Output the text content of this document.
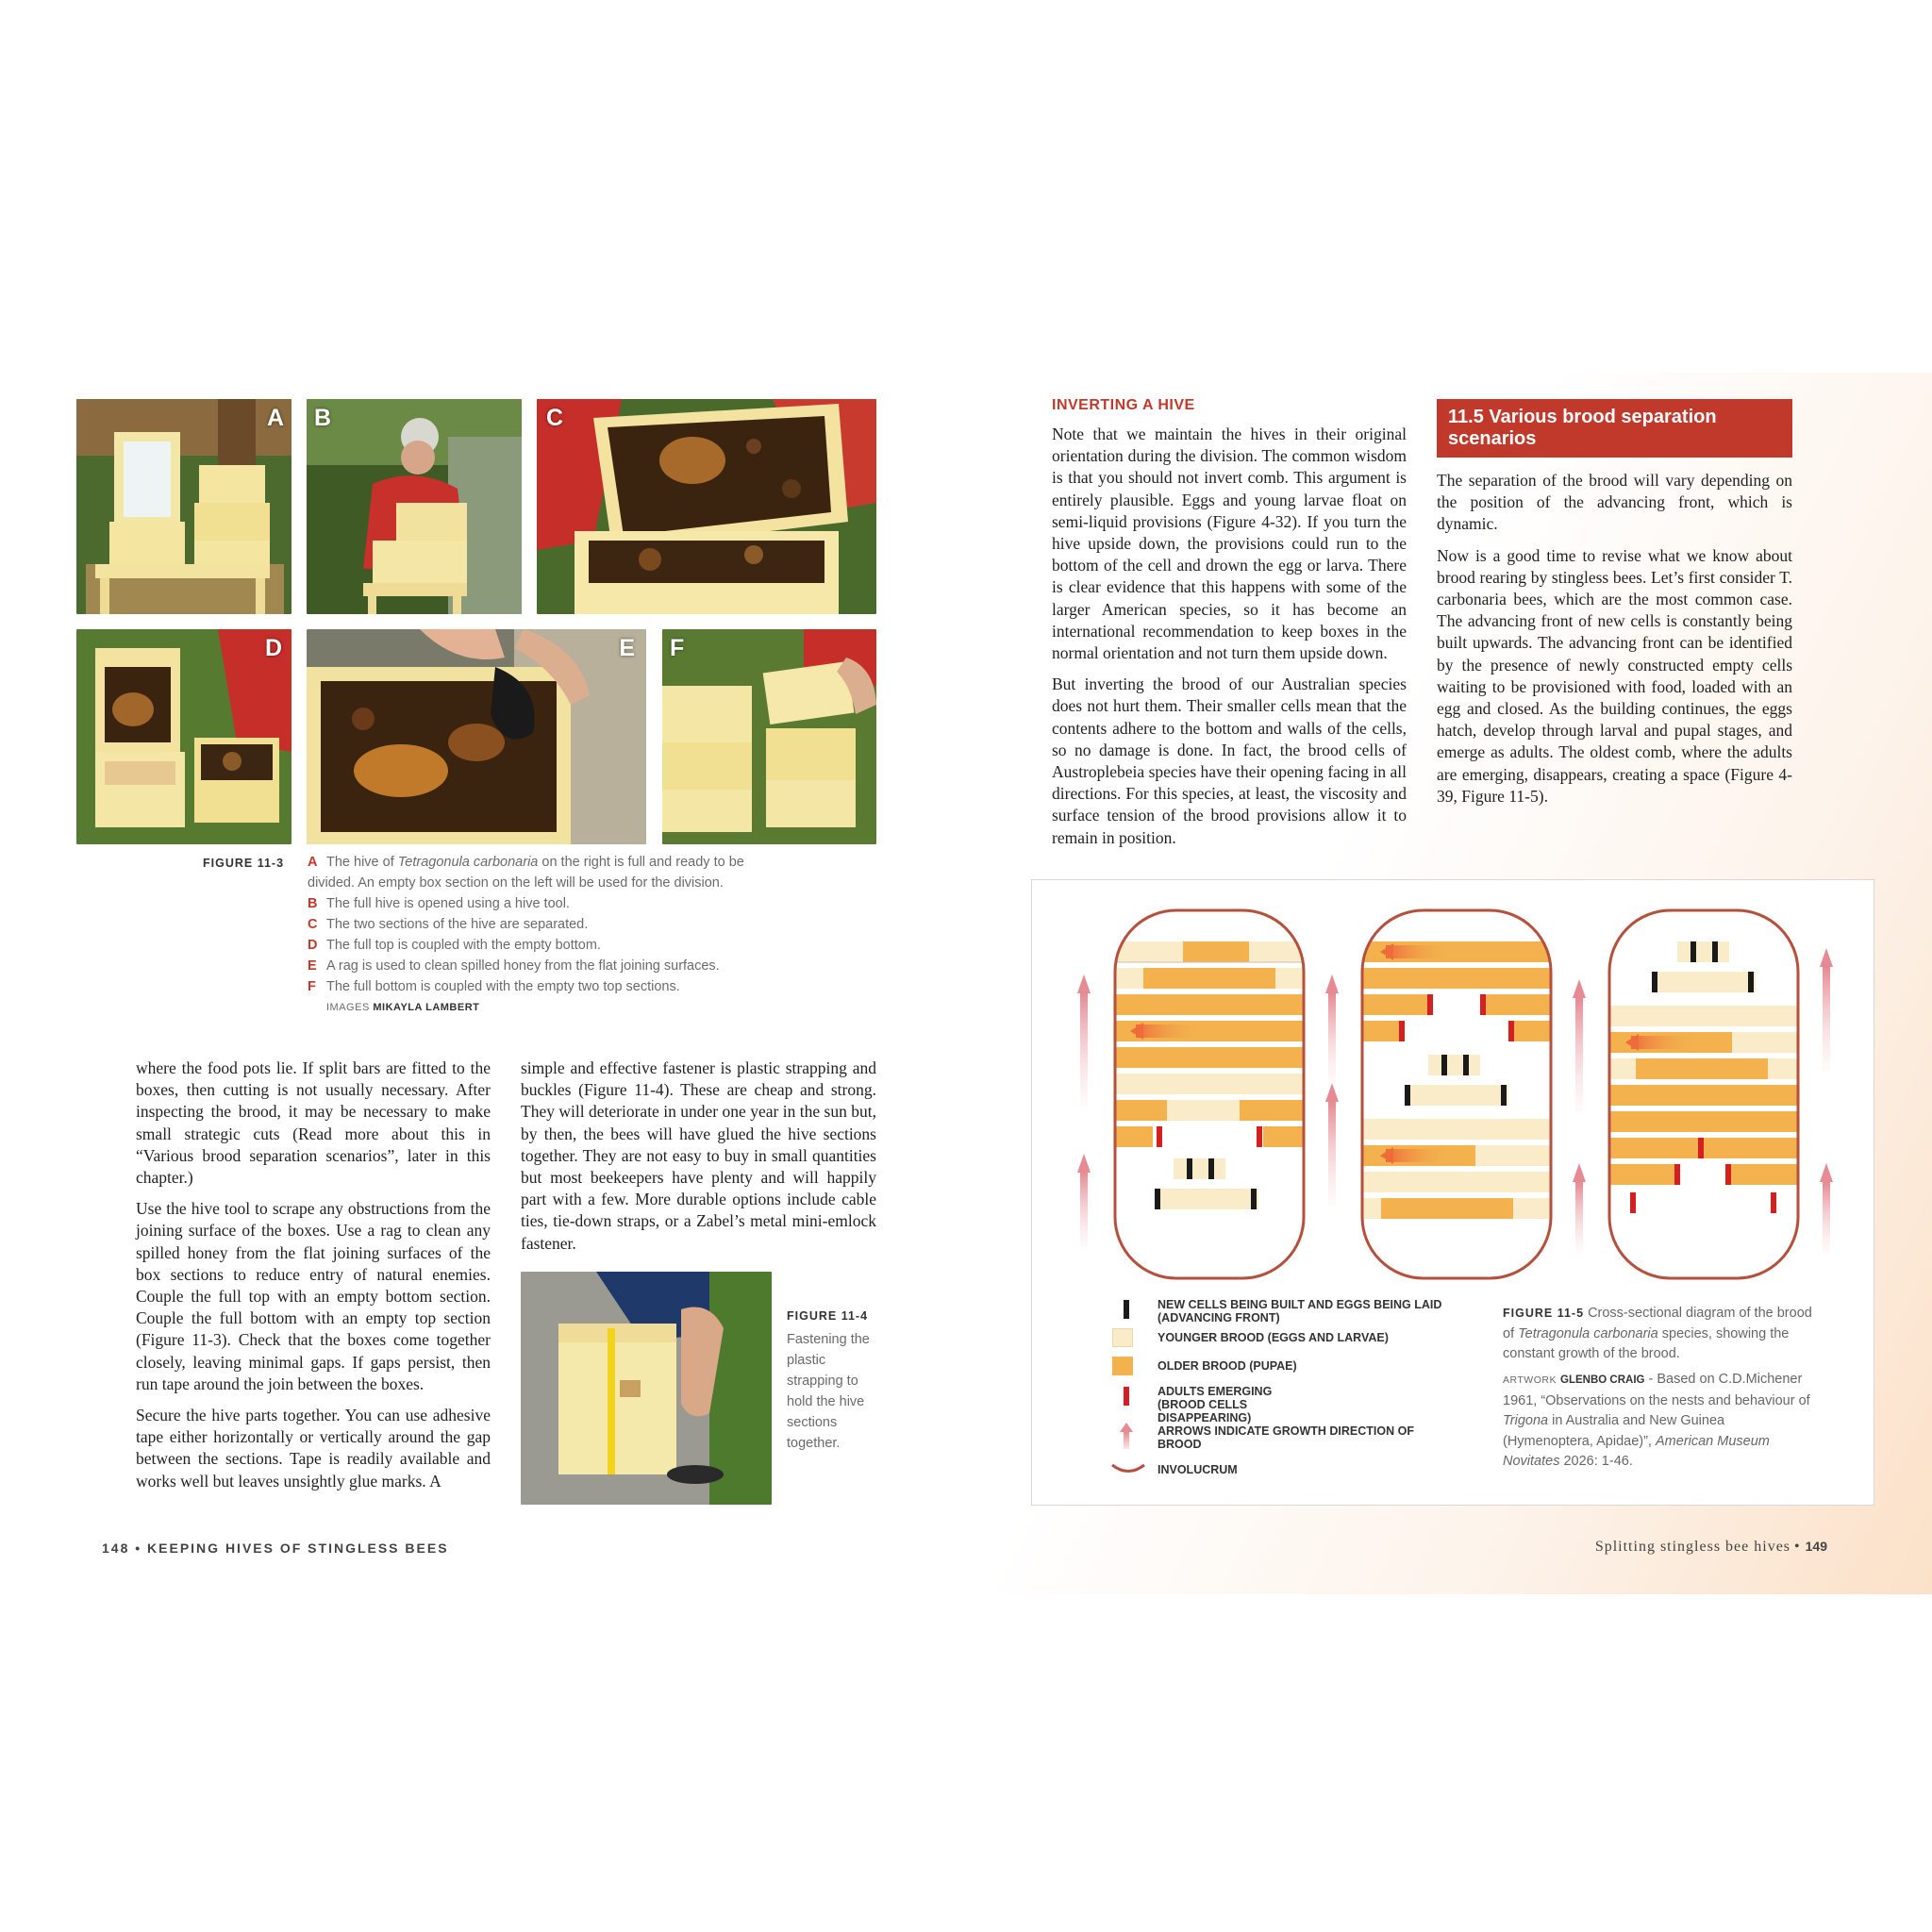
A B	C
D	E F
FIGURE 11-3 A The hive of Tetragonula carbonaria on the right is full and ready to be divided. An empty box section on the left will be used for the division.
B The full hive is opened using a hive tool.
C The two sections of the hive are separated.
D The full top is coupled with the empty bottom.
E A rag is used to clean spilled honey from the flat joining surfaces.
F The full bottom is coupled with the empty two top sections.
IMAGES MIKAYLA LAMBERT

where the food pots lie. If split bars are fitted to the boxes, then cutting is not usually necessary. After inspecting the brood, it may be necessary to make small strategic cuts (Read more about this in “Various brood separation scenarios”, later in this chapter.)

Use the hive tool to scrape any obstructions from the joining surface of the boxes. Use a rag to clean any spilled honey from the flat joining surfaces of the box sections to reduce entry of natural enemies. Couple the full top with an empty bottom section. Couple the full bottom with an empty top section (Figure 11-3). Check that the boxes come together closely, leaving minimal gaps. If gaps persist, then run tape around the join between the boxes.

Secure the hive parts together. You can use adhesive tape either horizontally or vertically around the gap between the sections. Tape is readily available and works well but leaves unsightly glue marks. A

simple and effective fastener is plastic strapping and buckles (Figure 11-4). These are cheap and strong. They will deteriorate in under one year in the sun but, by then, the bees will have glued the hive sections together. They are not easy to buy in small quantities but most beekeepers have plenty and will happily part with a few. More durable options include cable ties, tie-down straps, or a Zabel’s metal mini-emlock fastener.

FIGURE 11-4
Fastening the plastic strapping to hold the hive sections together.
148 • KEEPING HIVES OF STINGLESS BEES
INVERTING A HIVE

Note that we maintain the hives in their original orientation during the division. The common wisdom is that you should not invert comb. This argument is entirely plausible. Eggs and young larvae float on semi-liquid provisions (Figure 4-32). If you turn the hive upside down, the provisions could run to the bottom of the cell and drown the egg or larva. There is clear evidence that this happens with some of the larger American species, so it has become an international recommendation to keep boxes in the normal orientation and not turn them upside down.

But inverting the brood of our Australian species does not hurt them. Their smaller cells mean that the contents adhere to the bottom and walls of the cells, so no damage is done. In fact, the brood cells of Austroplebeia species have their opening facing in all directions. For this species, at least, the viscosity and surface tension of the brood provisions allow it to remain in position.

11.5 Various brood separation scenarios

The separation of the brood will vary depending on the position of the advancing front, which is dynamic.

Now is a good time to revise what we know about brood rearing by stingless bees. Let’s first consider T. carbonaria bees, which are the most common case. The advancing front of new cells is constantly being built upwards. The advancing front can be identified by the presence of newly constructed empty cells waiting to be provisioned with food, loaded with an egg and closed. As the building continues, the eggs hatch, develop through larval and pupal stages, and emerge as adults. The oldest comb, where the adults are emerging, disappears, creating a space (Figure 4-39, Figure 11-5).

NEW CELLS BEING BUILT AND EGGS BEING LAID (ADVANCING FRONT)
YOUNGER BROOD (EGGS AND LARVAE)
OLDER BROOD (PUPAE)
ADULTS EMERGING (BROOD CELLS DISAPPEARING)
ARROWS INDICATE GROWTH DIRECTION OF BROOD
INVOLUCRUM
FIGURE 11-5 Cross-sectional diagram of the brood of Tetragonula carbonaria species, showing the constant growth of the brood.
ARTWORK GLENBO CRAIG - Based on C.D.Michener 1961, “Observations on the nests and behaviour of Trigona in Australia and New Guinea (Hymenoptera, Apidae)”, American Museum Novitates 2026: 1-46.
Splitting stingless bee hives • 149
